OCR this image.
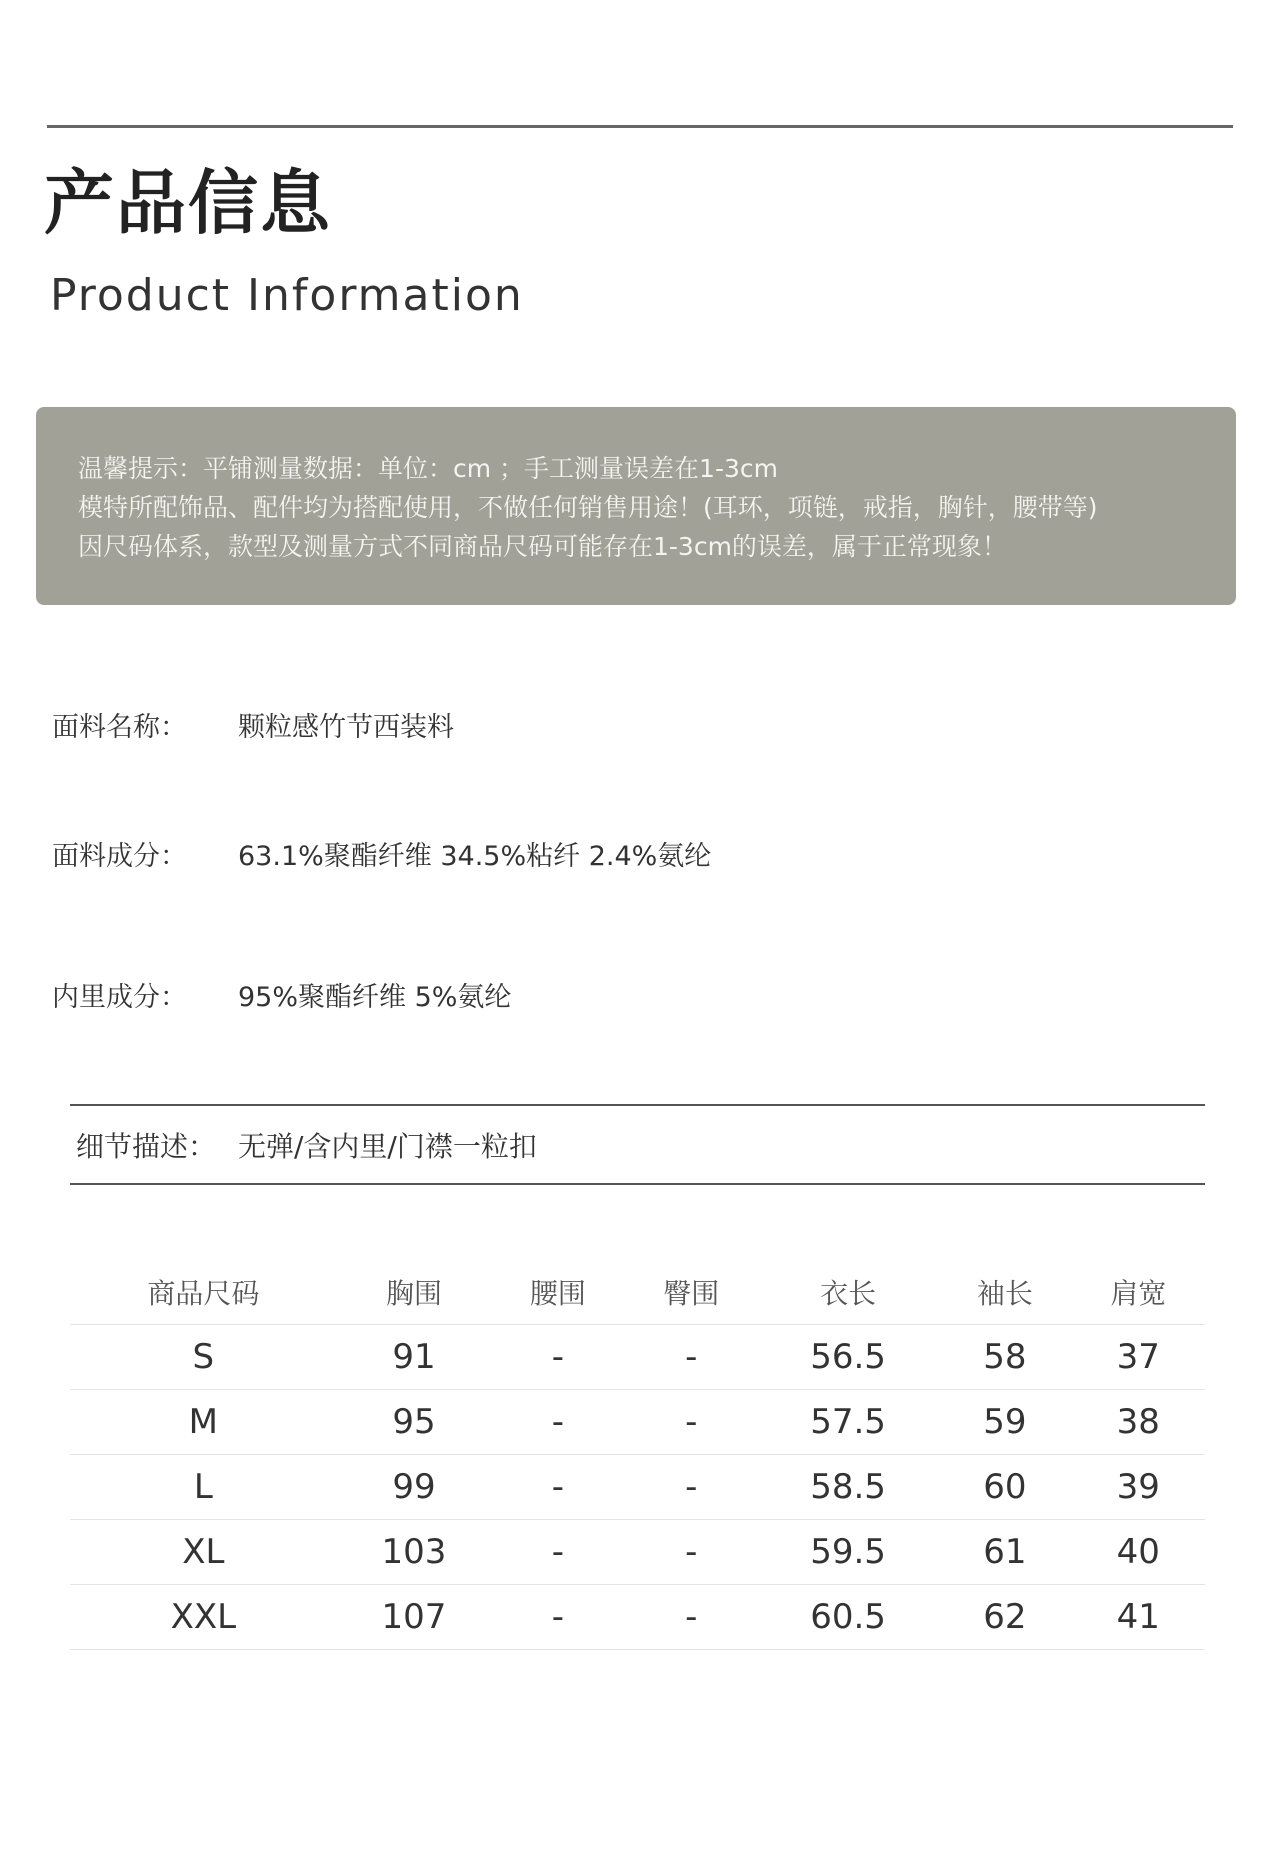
产品信息
Product Information
温馨提示：平铺测量数据：单位：cm ；手工测量误差在1-3cm
模特所配饰品、配件均为搭配使用，不做任何销售用途！(耳环，项链，戒指，胸针，腰带等)
因尺码体系，款型及测量方式不同商品尺码可能存在1-3cm的误差，属于正常现象！
面料名称： 颗粒感竹节西装料
面料成分： 63.1%聚酯纤维 34.5%粘纤 2.4%氨纶
内里成分： 95%聚酯纤维 5%氨纶
细节描述： 无弹/含内里/门襟一粒扣
商品尺码	胸围	腰围	臀围	衣长	袖长	肩宽
S	91	-	-	56.5	58	37
M	95	-	-	57.5	59	38
L	99	-	-	58.5	60	39
XL	103	-	-	59.5	61	40
XXL	107	-	-	60.5	62	41
